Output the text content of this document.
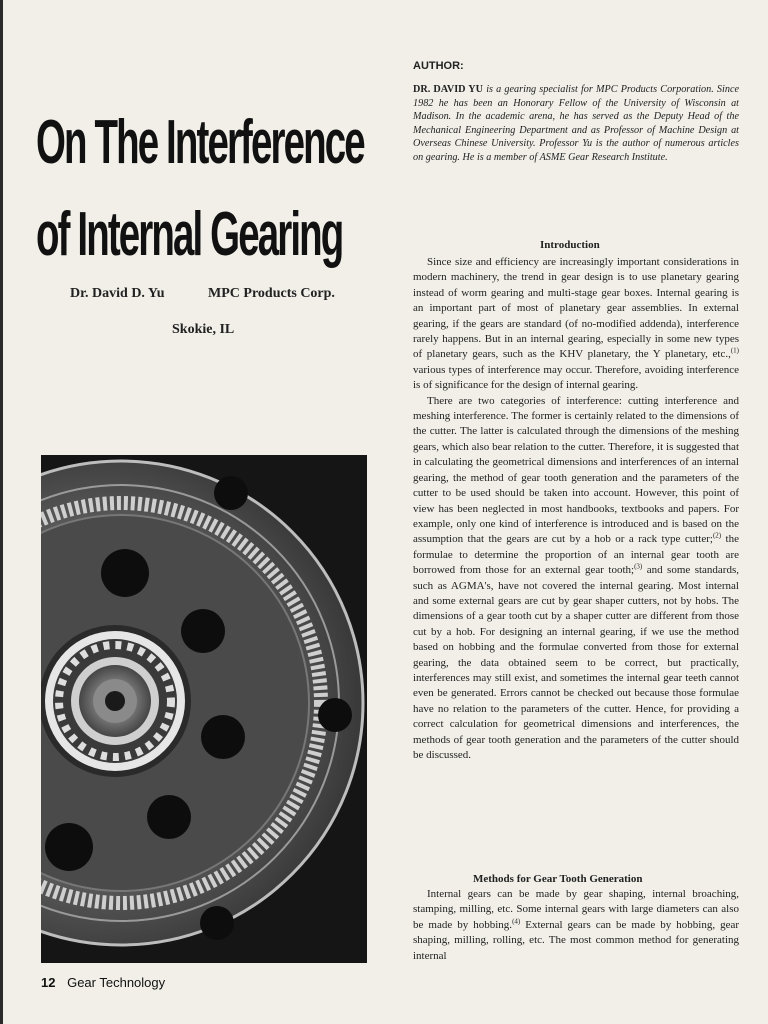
On The Interference
of Internal Gearing
Dr. David D. Yu	MPC Products Corp.
Skokie, IL
AUTHOR:
DR. DAVID YU is a gearing specialist for MPC Products Corporation. Since 1982 he has been an Honorary Fellow of the University of Wisconsin at Madison. In the academic arena, he has served as the Deputy Head of the Mechanical Engineering Department and as Professor of Machine Design at Overseas Chinese University. Professor Yu is the author of numerous articles on gearing. He is a member of ASME Gear Research Institute.
Introduction

Since size and efficiency are increasingly important considerations in modern machinery, the trend in gear design is to use planetary gearing instead of worm gearing and multi-stage gear boxes. Internal gearing is an important part of most of planetary gear assemblies. In external gearing, if the gears are standard (of no-modified addenda), interference rarely happens. But in an internal gearing, especially in some new types of planetary gears, such as the KHV planetary, the Y planetary, etc.,$^{(1)}$ various types of interference may occur. Therefore, avoiding interference is of significance for the design of internal gearing.

There are two categories of interference: cutting interference and meshing interference. The former is certainly related to the dimensions of the cutter. The latter is calculated through the dimensions of the meshing gears, which also bear relation to the cutter. Therefore, it is suggested that in calculating the geometrical dimensions and interferences of an internal gearing, the method of gear tooth generation and the parameters of the cutter to be used should be taken into account. However, this point of view has been neglected in most handbooks, textbooks and papers. For example, only one kind of interference is introduced and is based on the assumption that the gears are cut by a hob or a rack type cutter;$^{(2)}$ the formulae to determine the proportion of an internal gear tooth are borrowed from those for an external gear tooth;$^{(3)}$ and some standards, such as AGMA's, have not covered the internal gearing. Most internal and some external gears are cut by gear shaper cutters, not by hobs. The dimensions of a gear tooth cut by a shaper cutter are different from those cut by a hob. For designing an internal gearing, if we use the method based on hobbing and the formulae converted from those for external gearing, the data obtained seem to be correct, but practically, interferences may still exist, and sometimes the internal gear teeth cannot even be generated. Errors cannot be checked out because those formulae have no relation to the parameters of the cutter. Hence, for providing a correct calculation for geometrical dimensions and interferences, the methods of gear tooth generation and the parameters of the cutter should be discussed.

Methods for Gear Tooth Generation

Internal gears can be made by gear shaping, internal broaching, stamping, milling, etc. Some internal gears with large diameters can also be made by hobbing.$^{(4)}$ External gears can be made by hobbing, gear shaping, milling, rolling, etc. The most common method for generating internal

12 Gear Technology
